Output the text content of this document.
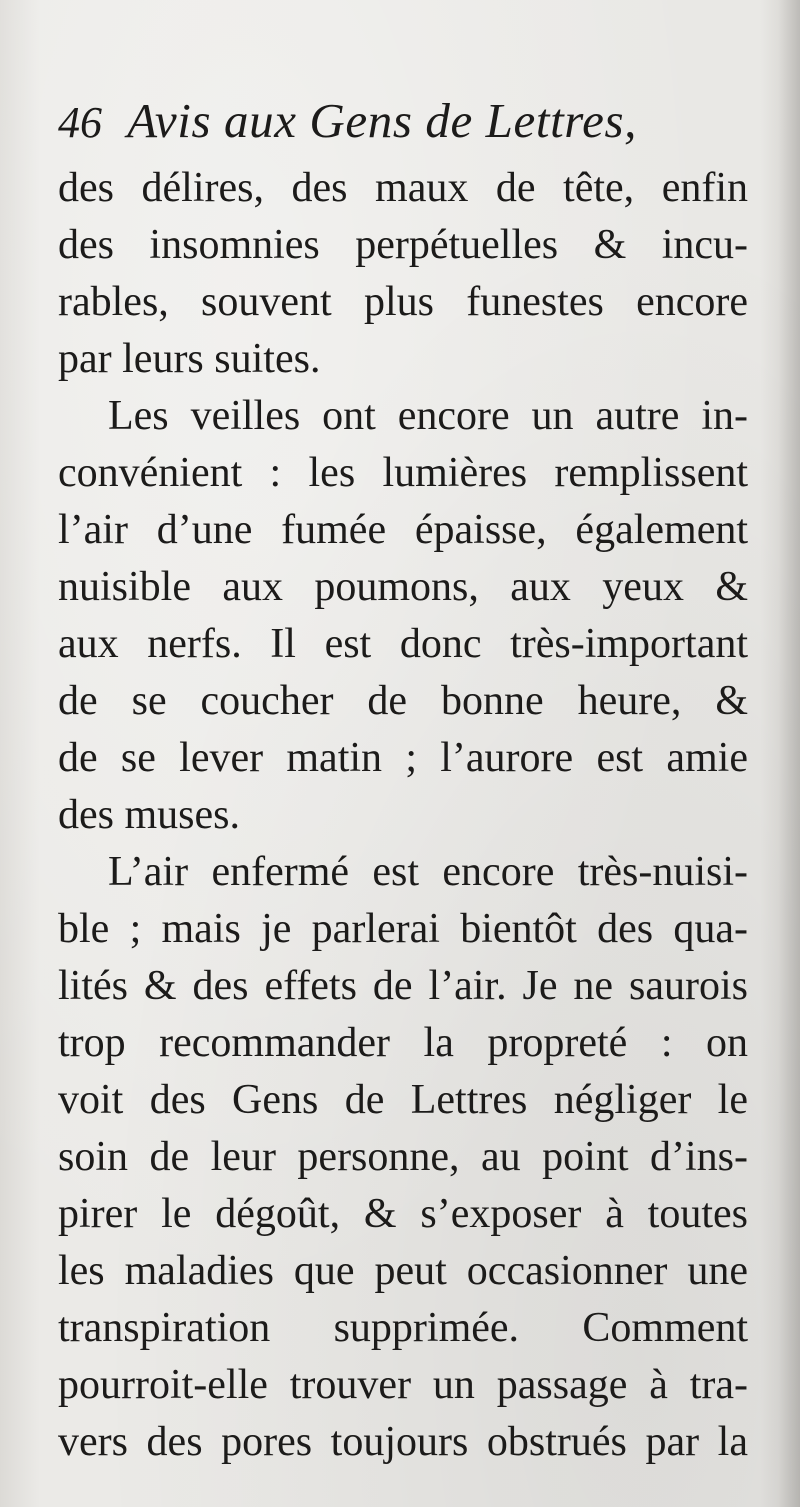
46 Avis aux Gens de Lettres,
des délires, des maux de tête, enfin
des insomnies perpétuelles & incu-
rables, souvent plus funestes encore
par leurs suites.
Les veilles ont encore un autre in-
convénient : les lumières remplissent
l’air d’une fumée épaisse, également
nuisible aux poumons, aux yeux &
aux nerfs. Il est donc très-important
de se coucher de bonne heure, &
de se lever matin ; l’aurore est amie
des muses.
L’air enfermé est encore très-nuisi-
ble ; mais je parlerai bientôt des qua-
lités & des effets de l’air. Je ne saurois
trop recommander la propreté : on
voit des Gens de Lettres négliger le
soin de leur personne, au point d’ins-
pirer le dégoût, & s’exposer à toutes
les maladies que peut occasionner une
transpiration supprimée. Comment
pourroit-elle trouver un passage à tra-
vers des pores toujours obstrués par la
